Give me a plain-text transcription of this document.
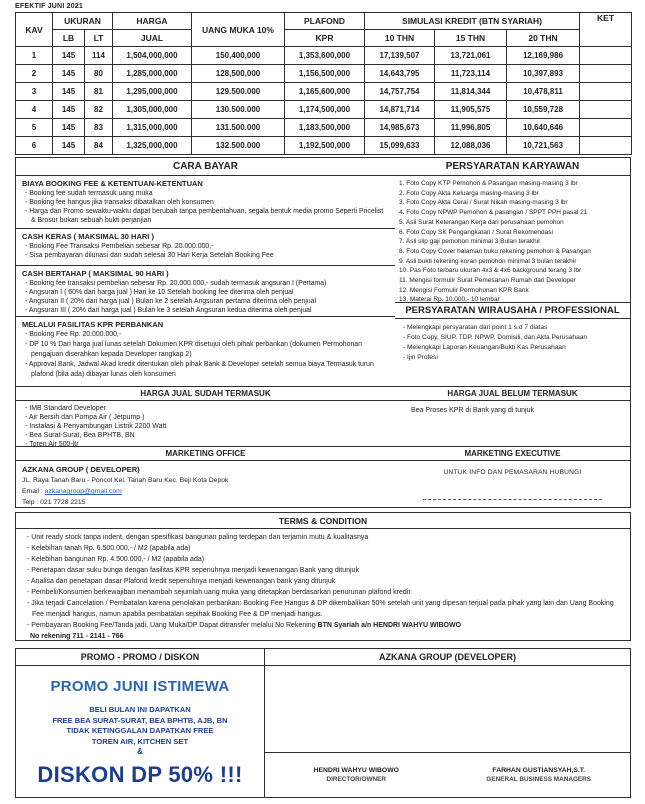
EFEKTIF JUNI 2021
KAV	UKURAN		HARGA	UANG MUKA 10%	PLAFOND	SIMULASI KREDIT (BTN SYARIAH)			KET
	LB	LT	JUAL		KPR	10 THN	15 THN	20 THN	
1	145	114	1,504,000,000	150,400,000	1,353,600,000	17,139,507	13,721,061	12,169,986	
2	145	80	1,285,000,000	128,500,000	1,156,500,000	14,643,795	11,723,114	10,397,893	
3	145	81	1,295,000,000	129.500.000	1,165,600,000	14,757,754	11,814,344	10,478,811	
4	145	82	1,305,000,000	130.500.000	1,174,500,000	14,871,714	11,905,575	10,559,728	
5	145	83	1,315,000,000	131.500.000	1,183,500,000	14,985,673	11,996,805	10,640,646	
6	145	84	1,325,000,000	132.500.000	1,192,500,000	15,099,633	12,088,036	10,721,563	
CARA BAYAR
BIAYA BOOKING FEE & KETENTUAN-KETENTUAN
- Booking fee sudah termasuk uang muka
- Booking fee hangus jika transaksi dibatalkan oleh konsumen
- Harga dan Promo sewaktu-waktu dapat berubah tanpa pemberitahuan, segala bentuk media promo Seperti Pricelist & Brosur bukan sebuah bukti perjanjian
CASH KERAS ( MAKSIMAL 30 HARI )
- Booking Fee Transaksi Pembelian sebesar Rp. 20.000.000,-
- Sisa pembayaran dilunasi dan sudah selesai 30 Hari Kerja Setelah Booking Fee
CASH BERTAHAP ( MAKSIMAL 90 HARI )
- Booking fee transaksi pembelian sebesar Rp. 20.000.000,- sudah termasuk angsuran I (Pertama)
- Angsuran I ( 60% dari harga jual ) Hari ke 10 Setelah booking fee diterima oleh penjual
- Angsuran II ( 20% dari harga jual ) Bulan ke 2 setelah Angsuran pertama diterima oleh penjual
- Angsuran III ( 20% dari harga jual ) Bulan ke 3 setelah Angsuran kedua diterima oleh penjual
MELALUI FASILITAS KPR PERBANKAN
- Booking Fee Rp. 20.000.000,-
- DP 10 % Dari harga jual lunas setelah Dokumen KPR disetujui oleh pihak perbankan (dokumen Permohonan pengajuan diserahkan kepada Developer rangkap 2)
- Approval Bank, Jadwal Akad kredit ditentukan oleh pihak Bank & Developer setelah semua biaya Termasuk turun plafond (bila ada) dibayar lunas oleh konsumen
HARGA JUAL SUDAH TERMASUK
- IMB Standard Developer
- Air Bersih dan Pompa Air ( Jetpump )
- Instalasi & Penyambungan Listrik 2200 Watt
- Bea Surat-Surat, Bea BPHTB, BN
- Toren Air 500-ltr
MARKETING OFFICE
AZKANA GROUP ( DEVELOPER)
JL. Raya Tanah Baru - Poncol Kel. Tanah Baru Kec. Beji Kota Depok
Email : azkanagroup@gmail.com
Telp : 021 7728 2215
PERSYARATAN KARYAWAN
1. Foto Copy KTP Pemohon & Pasangan masing-masing 3 lbr
2. Foto Copy Akta Keluarga masing-masing 3 lbr
3. Foto Copy Akta Cerai / Surat Nikah masing-masing 3 lbr
4. Foto Copy NPWP Pemohon & pasangan / SPPT PPH pasal 21
5. Asli Surat Keterangan Kerja dari perusahaan pemohon
6. Foto Copy SK Pengangkatan / Surat Rekomendasi
7. Asli slip gaji pemohon minimal 3 Bulan terakhir
8. Foto Copy Cover halaman buku rekening pemohon & Pasangan
9. Asli bukti rekening koran pemohon minimal 3 bulan terakhir
10. Pas Foto terbaru ukuran 4x3 & 4x6 background terang 3 lbr
11. Mengisi formulir Surat Pemesanan Rumah dari Developer
12. Mengisi Formulir Permohonan KPR Bank
13. Materai Rp. 10.000,- 10 lembar
PERSYARATAN WIRAUSAHA / PROFESSIONAL
- Melengkapi persyaratan dari point 1 s.d 7 diatas
- Foto Copy, SIUP, TDP, NPWP, Domisili, dan Akta Perusahaan
- Melengkapi Laporan Keuangan/Bukti Kas Perusahaan
- Ijin Profesi
HARGA JUAL BELUM TERMASUK
Bea Proses KPR di Bank yang di tunjuk
MARKETING EXECUTIVE
UNTUK INFO DAN PEMASARAN HUBUNGI
TERMS & CONDITION
- Unit ready stock tanpa indent, dengan spesifikasi bangunan paling terdepan dan terjamin mutu & kualitasnya
- Kelebihan tanah Rp. 6.500.000,- / M2 (apabila ada)
- Kelebihan bangunan Rp. 4.500.000,- / M2 (apabila ada)
- Penetapan dasar suku bunga dengan fasilitas KPR sepenuhnya menjadi kewenangan Bank yang ditunjuk
- Analisa dan penetapan dasar Plafond kredit sepenuhnya menjadi kewenangan bank yang ditunjuk
- Pembeli/Konsumen berkewajiban menambah sejumlah uang muka yang ditetapkan berdasarkan penurunan plafond kredit
- Jika terjadi Cancelation / Pembatalan karena penolakan perbankan: Booking Fee Hangus & DP dikembalikan 50% setelah unit yang dipesan terjual pada pihak yang lain dan Uang Booking Fee menjadi hangus, namun apabila pembatalan sepihak Booking Fee & DP menjadi hangus.
- Pembayaran Booking Fee/Tanda jadi, Uang Muka/DP Dapat ditransfer melalui No Rekening BTN Syariah a/n HENDRI WAHYU WIBOWO
No rekening 711 - 2141 - 766
PROMO - PROMO / DISKON	AZKANA GROUP (DEVELOPER)
PROMO JUNI ISTIMEWA
BELI BULAN INI DAPATKAN
FREE BEA SURAT-SURAT, BEA BPHTB, AJB, BN
TIDAK KETINGGALAN DAPATKAN FREE
TOREN AIR, KITCHEN SET
&
DISKON DP 50% !!!	HENDRI WAHYU WIBOWO
DIRECTOR/OWNER
FARHAN GUSTIANSYAH,S.T.
GENERAL BUSINESS MANAGERS
